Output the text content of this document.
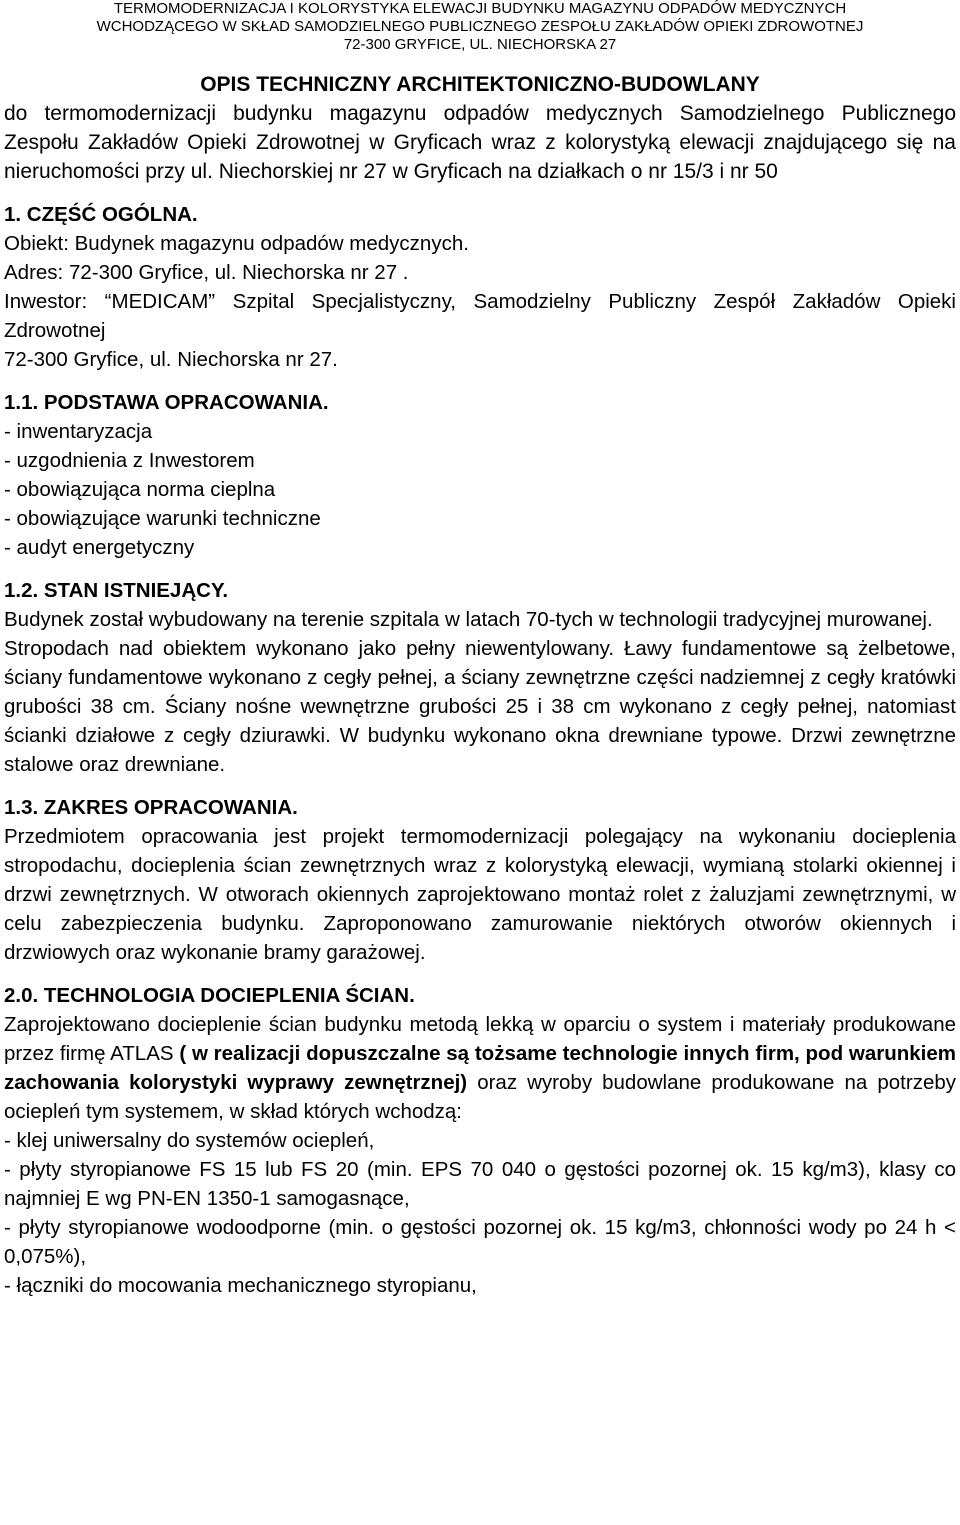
TERMOMODERNIZACJA I KOLORYSTYKA ELEWACJI BUDYNKU MAGAZYNU ODPADÓW MEDYCZNYCH
WCHODZĄCEGO W SKŁAD SAMODZIELNEGO PUBLICZNEGO ZESPOŁU ZAKŁADÓW OPIEKI ZDROWOTNEJ
72-300 GRYFICE, UL. NIECHORSKA 27
OPIS TECHNICZNY ARCHITEKTONICZNO-BUDOWLANY
do termomodernizacji budynku magazynu odpadów medycznych Samodzielnego Publicznego Zespołu Zakładów Opieki Zdrowotnej w Gryficach wraz z kolorystyką elewacji znajdującego się na nieruchomości przy ul. Niechorskiej nr 27 w Gryficach na działkach o nr 15/3 i nr 50
1. CZĘŚĆ OGÓLNA.
Obiekt: Budynek magazynu odpadów medycznych.
Adres: 72-300 Gryfice, ul. Niechorska nr 27 .
Inwestor: “MEDICAM” Szpital Specjalistyczny, Samodzielny Publiczny Zespół Zakładów Opieki Zdrowotnej
72-300 Gryfice, ul. Niechorska nr 27.
1.1. PODSTAWA OPRACOWANIA.
- inwentaryzacja
- uzgodnienia z Inwestorem
- obowiązująca norma cieplna
- obowiązujące warunki techniczne
- audyt energetyczny
1.2. STAN ISTNIEJĄCY.
Budynek został wybudowany na terenie szpitala w latach 70-tych w technologii tradycyjnej murowanej.
Stropodach nad obiektem wykonano jako pełny niewentylowany. Ławy fundamentowe są żelbetowe, ściany fundamentowe wykonano z cegły pełnej, a ściany zewnętrzne części nadziemnej z cegły kratówki grubości 38 cm. Ściany nośne wewnętrzne grubości 25 i 38 cm wykonano z cegły pełnej, natomiast ścianki działowe z cegły dziurawki. W budynku wykonano okna drewniane typowe. Drzwi zewnętrzne stalowe oraz drewniane.
1.3. ZAKRES OPRACOWANIA.
Przedmiotem opracowania jest projekt termomodernizacji polegający na wykonaniu docieplenia stropodachu, docieplenia ścian zewnętrznych wraz z kolorystyką elewacji, wymianą stolarki okiennej i drzwi zewnętrznych. W otworach okiennych zaprojektowano montaż rolet z żaluzjami zewnętrznymi, w celu zabezpieczenia budynku. Zaproponowano zamurowanie niektórych otworów okiennych i drzwiowych oraz wykonanie bramy garażowej.
2.0. TECHNOLOGIA DOCIEPLENIA ŚCIAN.
Zaprojektowano docieplenie ścian budynku metodą lekką w oparciu o system i materiały produkowane przez firmę ATLAS ( w realizacji dopuszczalne są tożsame technologie innych firm, pod warunkiem zachowania kolorystyki wyprawy zewnętrznej) oraz wyroby budowlane produkowane na potrzeby ociepleń tym systemem, w skład których wchodzą:
- klej uniwersalny do systemów ociepleń,
- płyty styropianowe FS 15 lub FS 20 (min. EPS 70 040 o gęstości pozornej ok. 15 kg/m3), klasy co najmniej E wg PN-EN 1350-1 samogasnące,
- płyty styropianowe wodoodporne (min. o gęstości pozornej ok. 15 kg/m3, chłonności wody po 24 h < 0,075%),
- łączniki do mocowania mechanicznego styropianu,
